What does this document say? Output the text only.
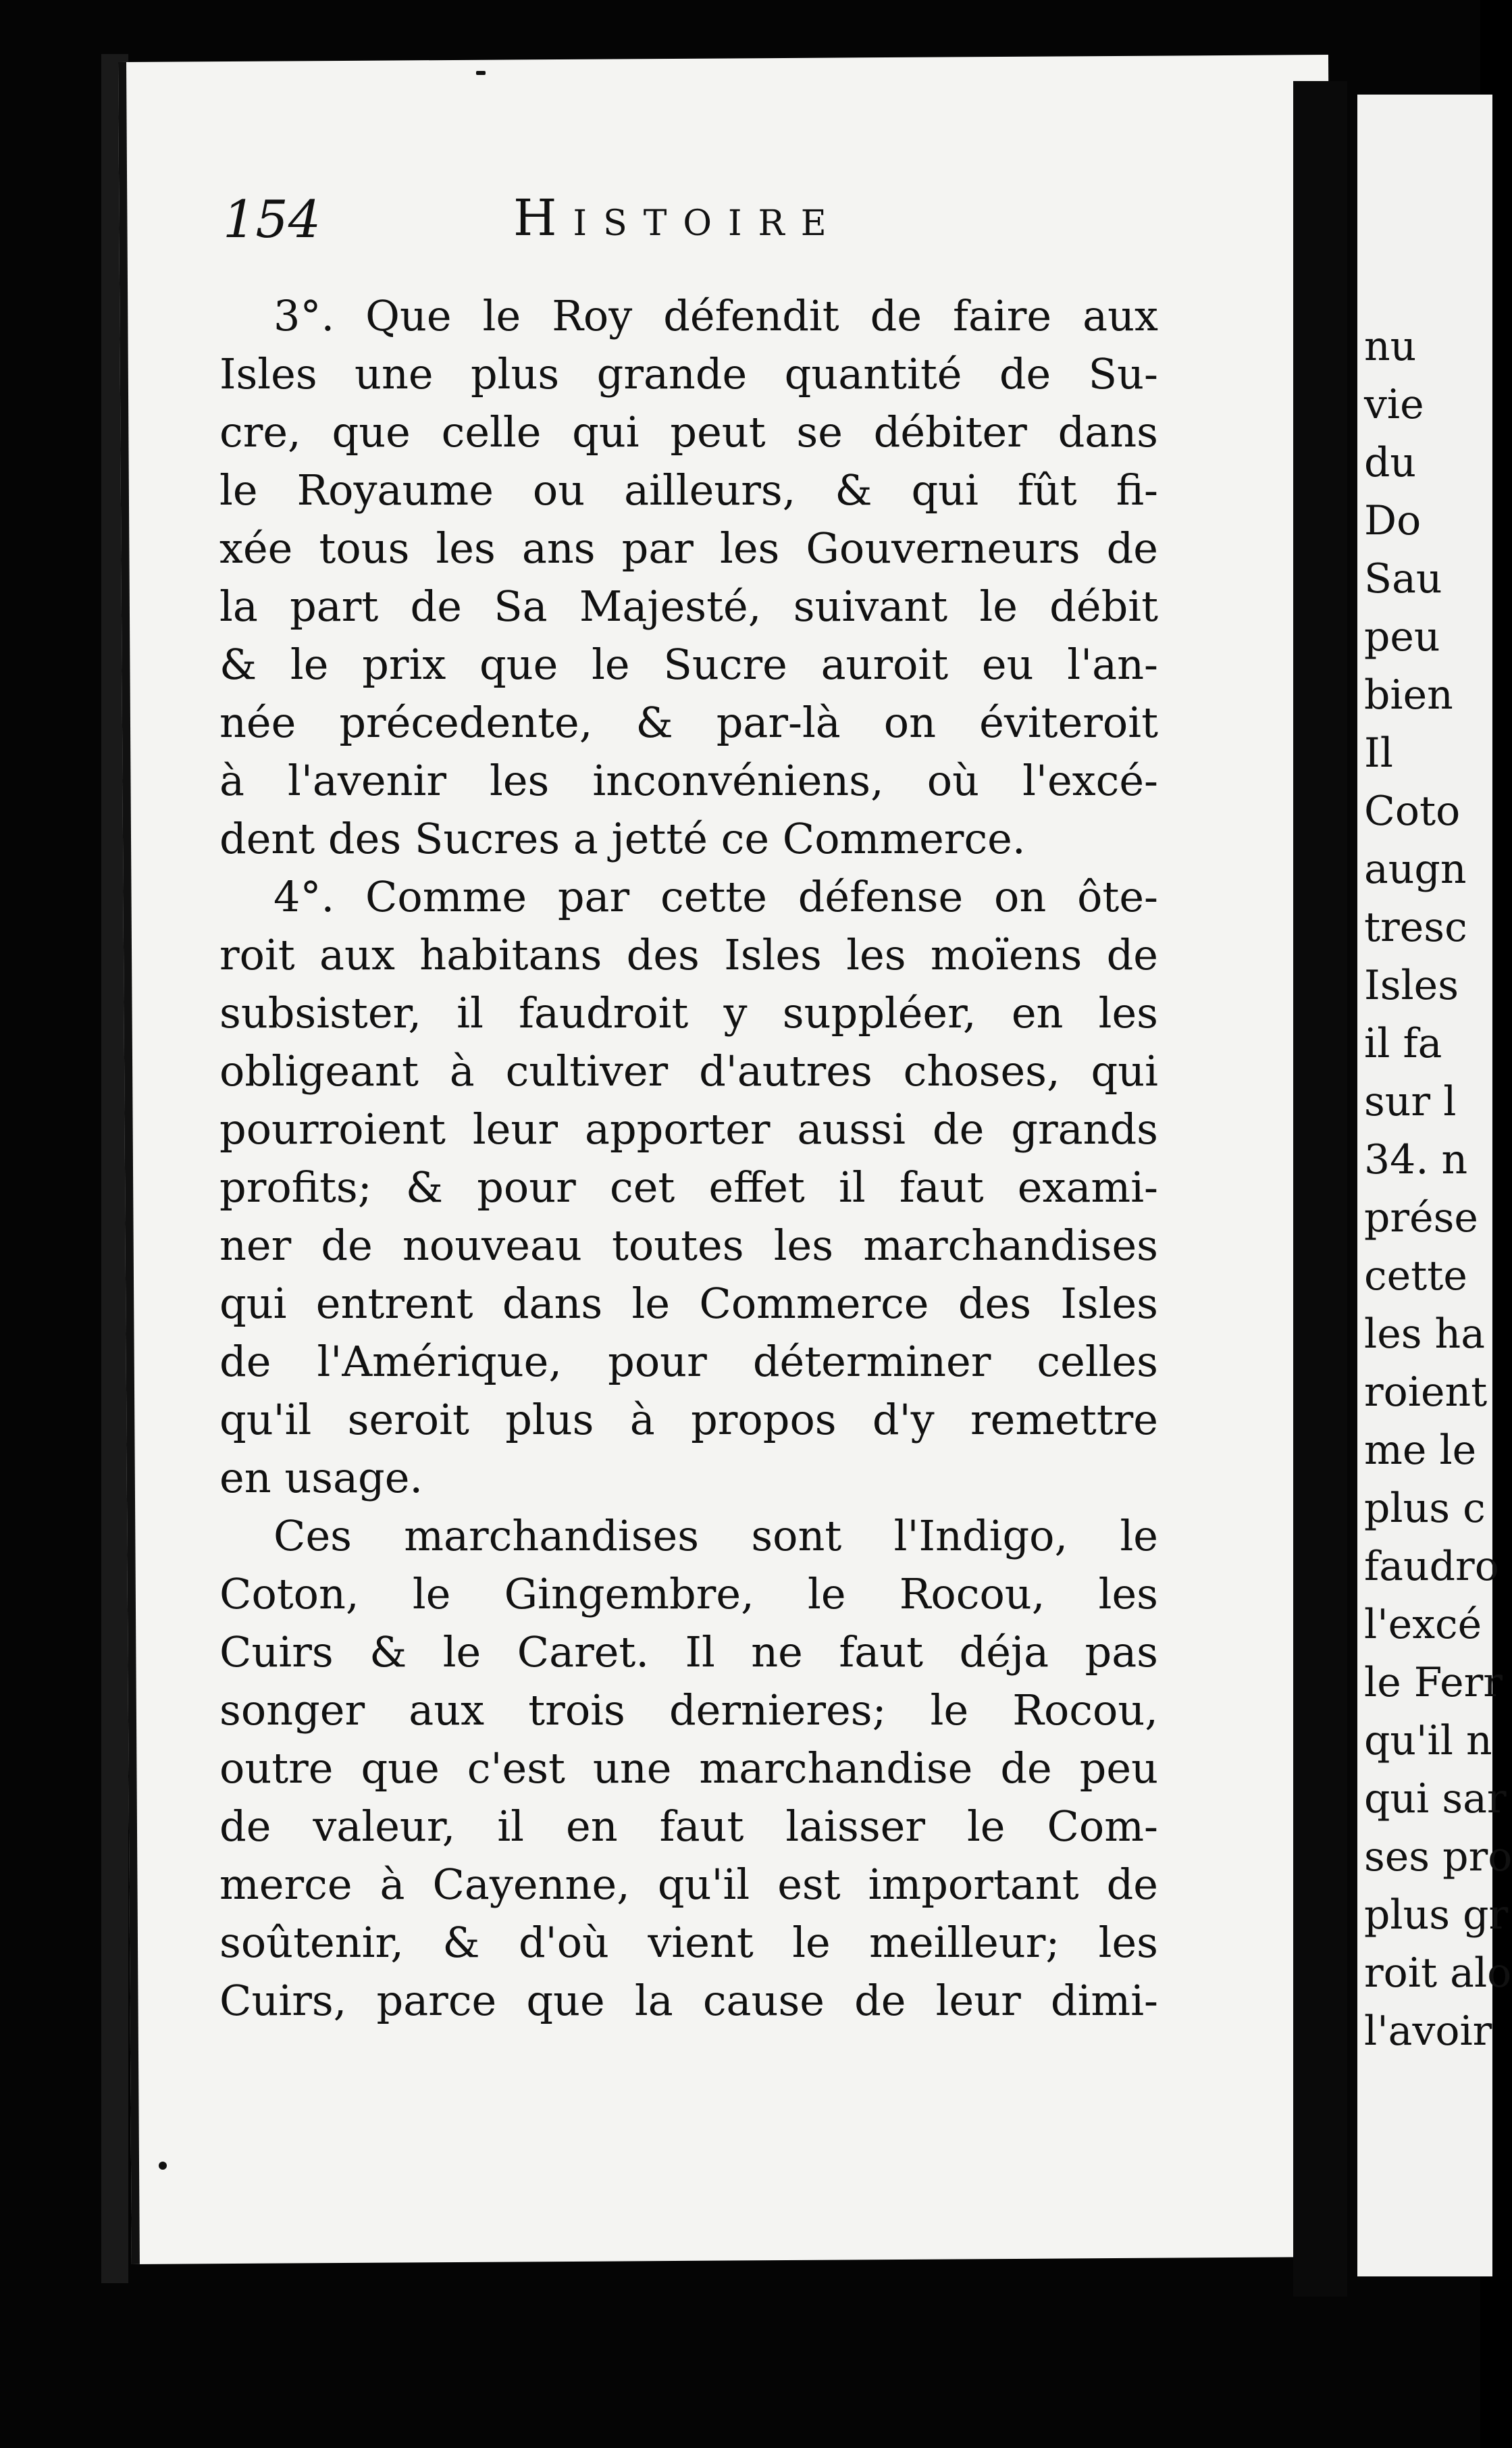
154	Histoire
3°. Que le Roy défendit de faire aux
Isles une plus grande quantité de Su-
cre, que celle qui peut se débiter dans
le Royaume ou ailleurs, & qui fût fi-
xée tous les ans par les Gouverneurs de
la part de Sa Majesté, suivant le débit
& le prix que le Sucre auroit eu l'an-
née précedente, & par-là on éviteroit
à l'avenir les inconvéniens, où l'excé-
dent des Sucres a jetté ce Commerce.
4°. Comme par cette défense on ôte-
roit aux habitans des Isles les moïens de
subsister, il faudroit y suppléer, en les
obligeant à cultiver d'autres choses, qui
pourroient leur apporter aussi de grands
profits; & pour cet effet il faut exami-
ner de nouveau toutes les marchandises
qui entrent dans le Commerce des Isles
de l'Amérique, pour déterminer celles
qu'il seroit plus à propos d'y remettre
en usage.
Ces marchandises sont l'Indigo, le
Coton, le Gingembre, le Rocou, les
Cuirs & le Caret. Il ne faut déja pas
songer aux trois dernieres; le Rocou,
outre que c'est une marchandise de peu
de valeur, il en faut laisser le Com-
merce à Cayenne, qu'il est important de
soûtenir, & d'où vient le meilleur; les
Cuirs, parce que la cause de leur dimi-
nu
vie
du
Do
Sau
peu
bien
Il
Coto
augn
tresc
Isles
il fa
sur l
34. n
prése
cette
les ha
roient
me le
plus c
faudro
l'excé
le Ferr
qu'il n
qui sar
ses pro
plus gr
roit alo
l'avoir
